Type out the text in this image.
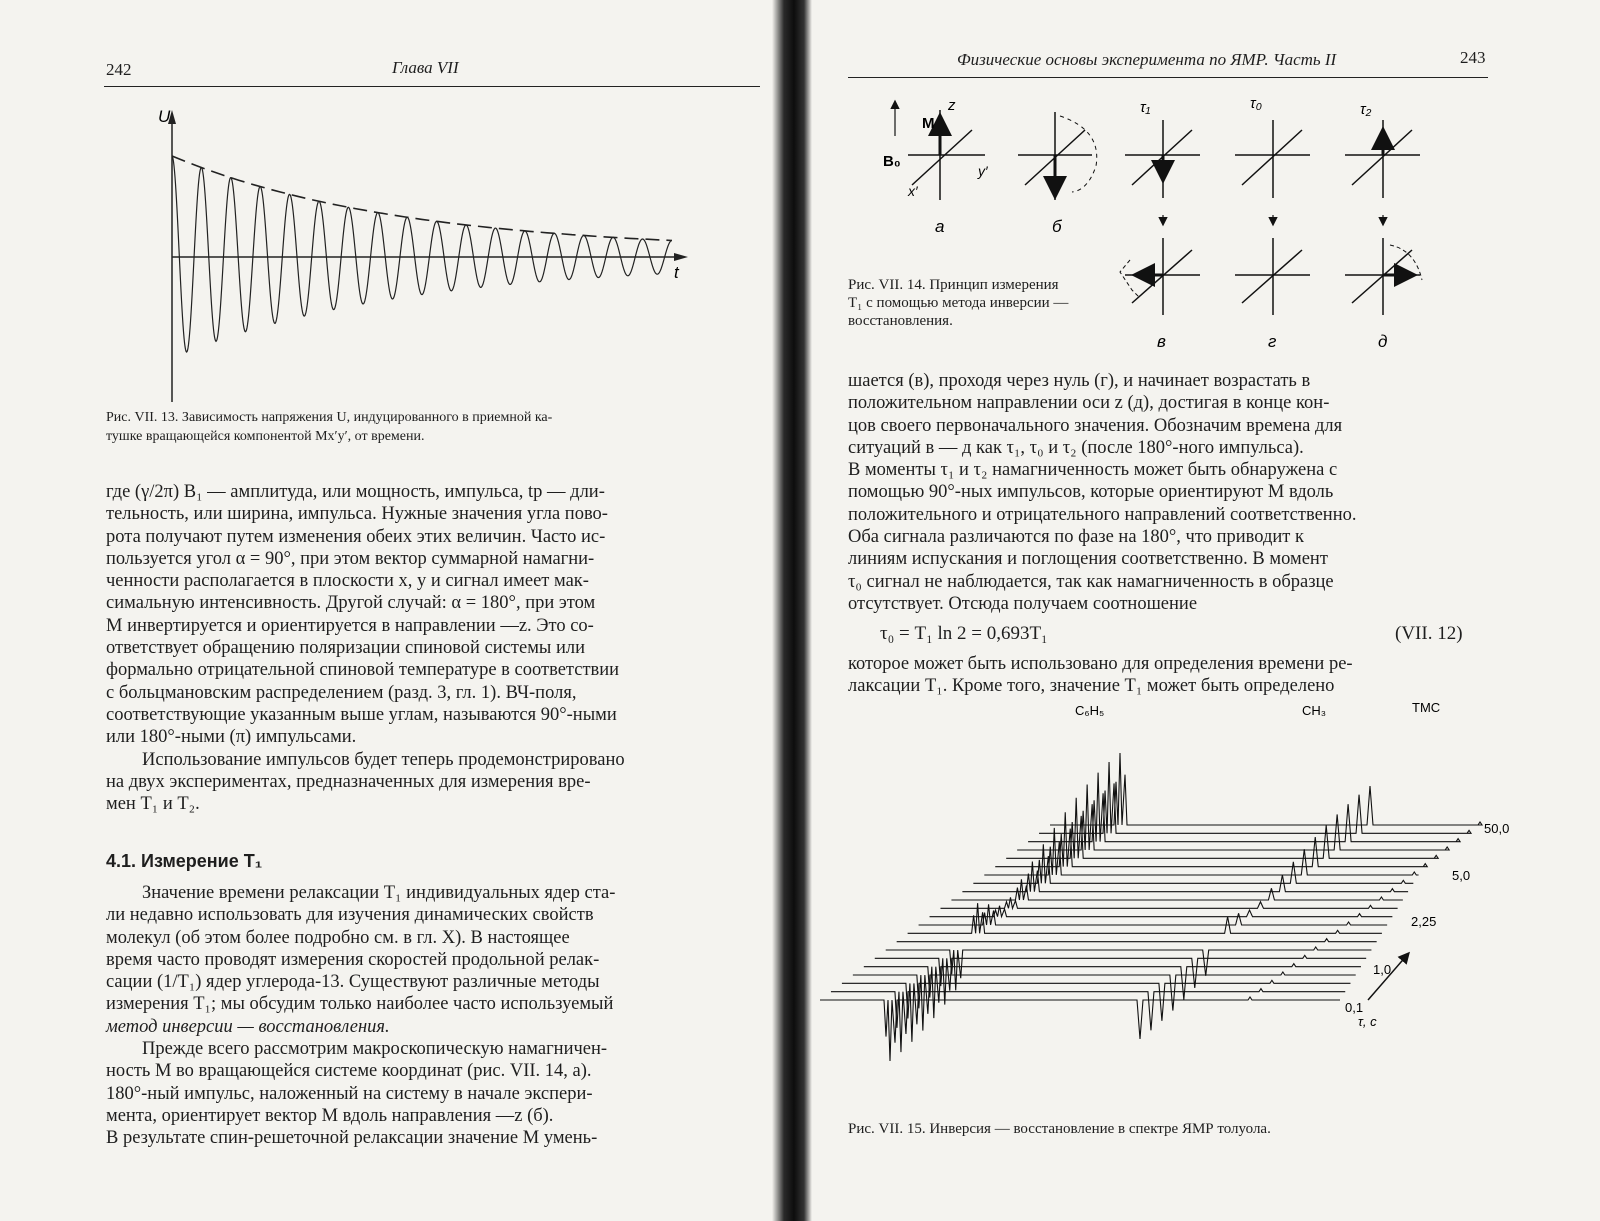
242	Глава VII
U
t
Рис. VII. 13. Зависимость напряжения U, индуцированного в приемной ка-
тушке вращающейся компонентой Mx′y′, от времени.

где (γ/2π) B₁ — амплитуда, или мощность, импульса, tp — дли-

тельность, или ширина, импульса. Нужные значения угла пово-

рота получают путем изменения обеих этих величин. Часто ис-

пользуется угол α = 90°, при этом вектор суммарной намагни-

ченности располагается в плоскости x, y и сигнал имеет мак-

симальную интенсивность. Другой случай: α = 180°, при этом

M инвертируется и ориентируется в направлении —z. Это со-

ответствует обращению поляризации спиновой системы или

формально отрицательной спиновой температуре в соответствии

с больцмановским распределением (разд. 3, гл. 1). ВЧ-поля,

соответствующие указанным выше углам, называются 90°-ными

или 180°-ными (π) импульсами.

Использование импульсов будет теперь продемонстрировано

на двух экспериментах, предназначенных для измерения вре-

мен T₁ и T₂.

4.1. Измерение T₁

Значение времени релаксации T₁ индивидуальных ядер ста-

ли недавно использовать для изучения динамических свойств

молекул (об этом более подробно см. в гл. X). В настоящее

время часто проводят измерения скоростей продольной релак-

сации (1/T₁) ядер углерода-13. Существуют различные методы

измерения T₁; мы обсудим только наиболее часто используемый

метод инверсии — восстановления.

Прежде всего рассмотрим макроскопическую намагничен-

ность M во вращающейся системе координат (рис. VII. 14, a).

180°-ный импульс, наложенный на систему в начале экспери-

мента, ориентирует вектор M вдоль направления —z (б).

В результате спин-решеточной релаксации значение M умень-

Физические основы эксперимента по ЯМР. Часть II	243
M
z
B₀
y′
x′
а	б
τ₁	τ₀	τ₂
в	г	д
Рис. VII. 14. Принцип измерения
T₁ с помощью метода инверсии —
восстановления.

шается (в), проходя через нуль (г), и начинает возрастать в

положительном направлении оси z (д), достигая в конце кон-

цов своего первоначального значения. Обозначим времена для

ситуаций в — д как τ₁, τ₀ и τ₂ (после 180°-ного импульса).

В моменты τ₁ и τ₂ намагниченность может быть обнаружена с

помощью 90°-ных импульсов, которые ориентируют M вдоль

положительного и отрицательного направлений соответственно.

Оба сигнала различаются по фазе на 180°, что приводит к

линиям испускания и поглощения соответственно. В момент

τ₀ сигнал не наблюдается, так как намагниченность в образце

отсутствует. Отсюда получаем соотношение

τ₀ = T₁ ln 2 = 0,693T₁	(VII. 12)

которое может быть использовано для определения времени ре-

лаксации T₁. Кроме того, значение T₁ может быть определено

C₆H₅	CH₃	TMC
50,0
5,0
2,25
1,0
0,1
τ, с
Рис. VII. 15. Инверсия — восстановление в спектре ЯМР толуола.
